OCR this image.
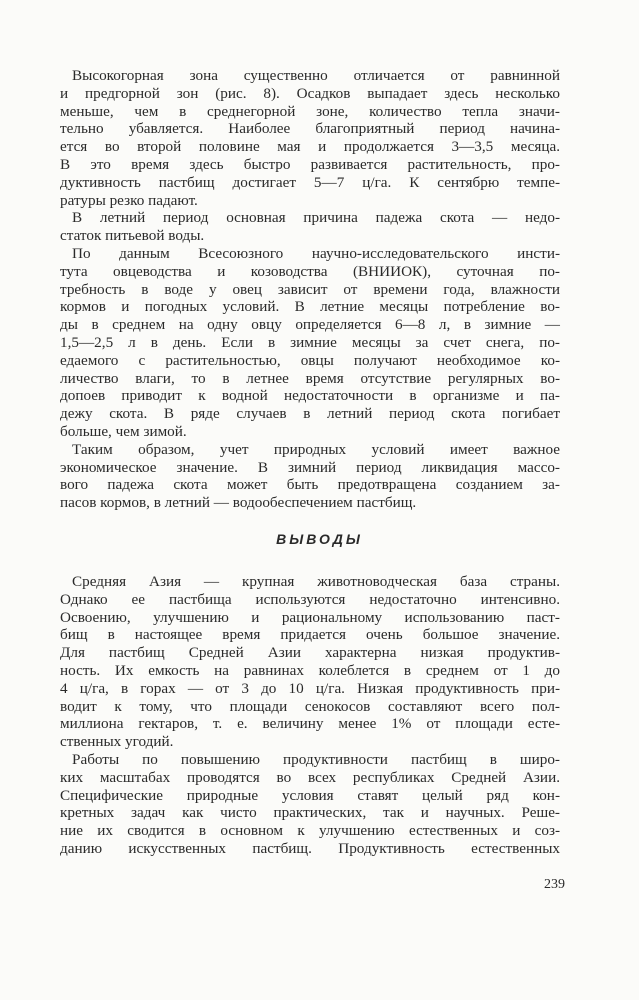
Высокогорная зона существенно отличается от равнинной
и предгорной зон (рис. 8). Осадков выпадает здесь несколько
меньше, чем в среднегорной зоне, количество тепла значи-
тельно убавляется. Наиболее благоприятный период начина-
ется во второй половине мая и продолжается 3—3,5 месяца.
В это время здесь быстро развивается растительность, про-
дуктивность пастбищ достигает 5—7 ц/га. К сентябрю темпе-
ратуры резко падают.
В летний период основная причина падежа скота — недо-
статок питьевой воды.
По данным Всесоюзного научно-исследовательского инсти-
тута овцеводства и козоводства (ВНИИОК), суточная по-
требность в воде у овец зависит от времени года, влажности
кормов и погодных условий. В летние месяцы потребление во-
ды в среднем на одну овцу определяется 6—8 л, в зимние —
1,5—2,5 л в день. Если в зимние месяцы за счет снега, по-
едаемого с растительностью, овцы получают необходимое ко-
личество влаги, то в летнее время отсутствие регулярных во-
допоев приводит к водной недостаточности в организме и па-
дежу скота. В ряде случаев в летний период скота погибает
больше, чем зимой.
Таким образом, учет природных условий имеет важное
экономическое значение. В зимний период ликвидация массо-
вого падежа скота может быть предотвращена созданием за-
пасов кормов, в летний — водообеспечением пастбищ.
ВЫВОДЫ
Средняя Азия — крупная животноводческая база страны.
Однако ее пастбища используются недостаточно интенсивно.
Освоению, улучшению и рациональному использованию паст-
бищ в настоящее время придается очень большое значение.
Для пастбищ Средней Азии характерна низкая продуктив-
ность. Их емкость на равнинах колеблется в среднем от 1 до
4 ц/га, в горах — от 3 до 10 ц/га. Низкая продуктивность при-
водит к тому, что площади сенокосов составляют всего пол-
миллиона гектаров, т. е. величину менее 1% от площади есте-
ственных угодий.
Работы по повышению продуктивности пастбищ в широ-
ких масштабах проводятся во всех республиках Средней Азии.
Специфические природные условия ставят целый ряд кон-
кретных задач как чисто практических, так и научных. Реше-
ние их сводится в основном к улучшению естественных и соз-
данию искусственных пастбищ. Продуктивность естественных
239
